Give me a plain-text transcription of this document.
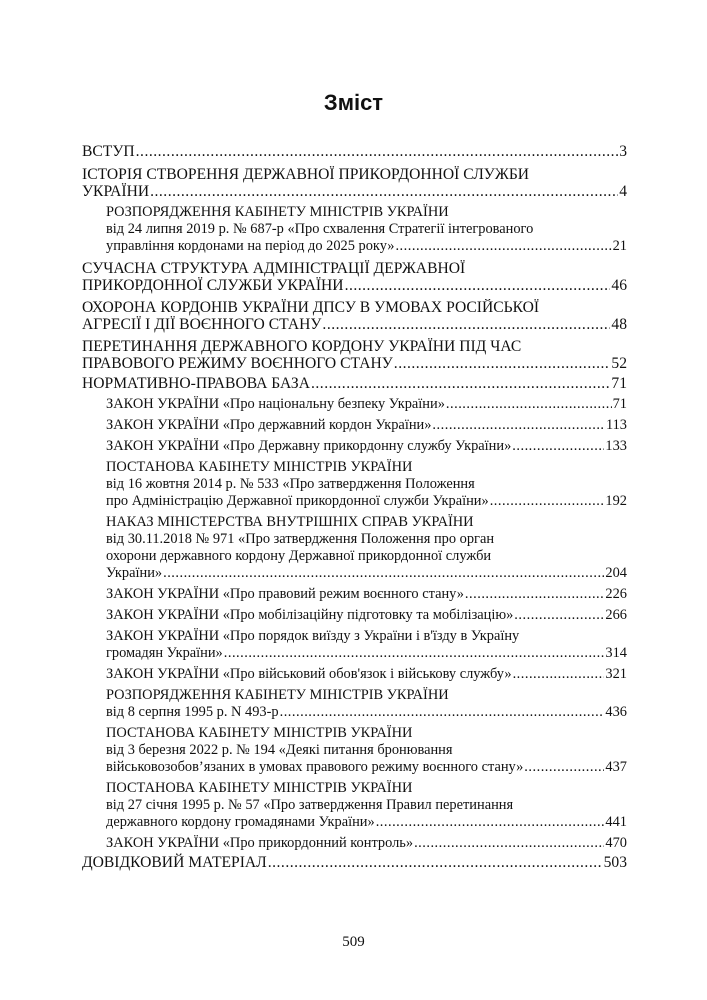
Зміст
ВСТУП .....	3
ІСТОРІЯ СТВОРЕННЯ ДЕРЖАВНОЇ ПРИКОРДОННОЇ СЛУЖБИ
УКРАЇНИ .....	4
РОЗПОРЯДЖЕННЯ КАБІНЕТУ МІНІСТРІВ УКРАЇНИ
від 24 липня 2019 р. № 687-р «Про схвалення Стратегії інтегрованого
управління кордонами на період до 2025 року» .....	21
СУЧАСНА СТРУКТУРА АДМІНІСТРАЦІЇ ДЕРЖАВНОЇ
ПРИКОРДОННОЇ СЛУЖБИ УКРАЇНИ .....	46
ОХОРОНА КОРДОНІВ УКРАЇНИ ДПСУ В УМОВАХ РОСІЙСЬКОЇ
АГРЕСІЇ І ДІЇ ВОЄННОГО СТАНУ .....	48
ПЕРЕТИНАННЯ ДЕРЖАВНОГО КОРДОНУ УКРАЇНИ ПІД ЧАС
ПРАВОВОГО РЕЖИМУ ВОЄННОГО СТАНУ .....	52
НОРМАТИВНО-ПРАВОВА БАЗА .....	71
ЗАКОН УКРАЇНИ «Про національну безпеку України» .....	71
ЗАКОН УКРАЇНИ «Про державний кордон України» .....	113
ЗАКОН УКРАЇНИ «Про Державну прикордонну службу України» .....	133
ПОСТАНОВА КАБІНЕТУ МІНІСТРІВ УКРАЇНИ
від 16 жовтня 2014 р. № 533 «Про затвердження Положення
про Адміністрацію Державної прикордонної служби України» .....	192
НАКАЗ МІНІСТЕРСТВА ВНУТРІШНІХ СПРАВ УКРАЇНИ
від 30.11.2018 № 971 «Про затвердження Положення про орган
охорони державного кордону Державної прикордонної служби
України» .....	204
ЗАКОН УКРАЇНИ «Про правовий режим воєнного стану» .....	226
ЗАКОН УКРАЇНИ «Про мобілізаційну підготовку та мобілізацію» .....	266
ЗАКОН УКРАЇНИ «Про порядок виїзду з України і в'їзду в Україну
громадян України» .....	314
ЗАКОН УКРАЇНИ «Про військовий обов'язок і військову службу» .....	321
РОЗПОРЯДЖЕННЯ КАБІНЕТУ МІНІСТРІВ УКРАЇНИ
від 8 серпня 1995 р. N 493-р .....	436
ПОСТАНОВА КАБІНЕТУ МІНІСТРІВ УКРАЇНИ
від 3 березня 2022 р. № 194 «Деякі питання бронювання
військовозобов’язаних в умовах правового режиму воєнного стану» .....	437
ПОСТАНОВА КАБІНЕТУ МІНІСТРІВ УКРАЇНИ
від 27 січня 1995 р. № 57 «Про затвердження Правил перетинання
державного кордону громадянами України» .....	441
ЗАКОН УКРАЇНИ «Про прикордонний контроль» .....	470
ДОВІДКОВИЙ МАТЕРІАЛ .....	503
509
